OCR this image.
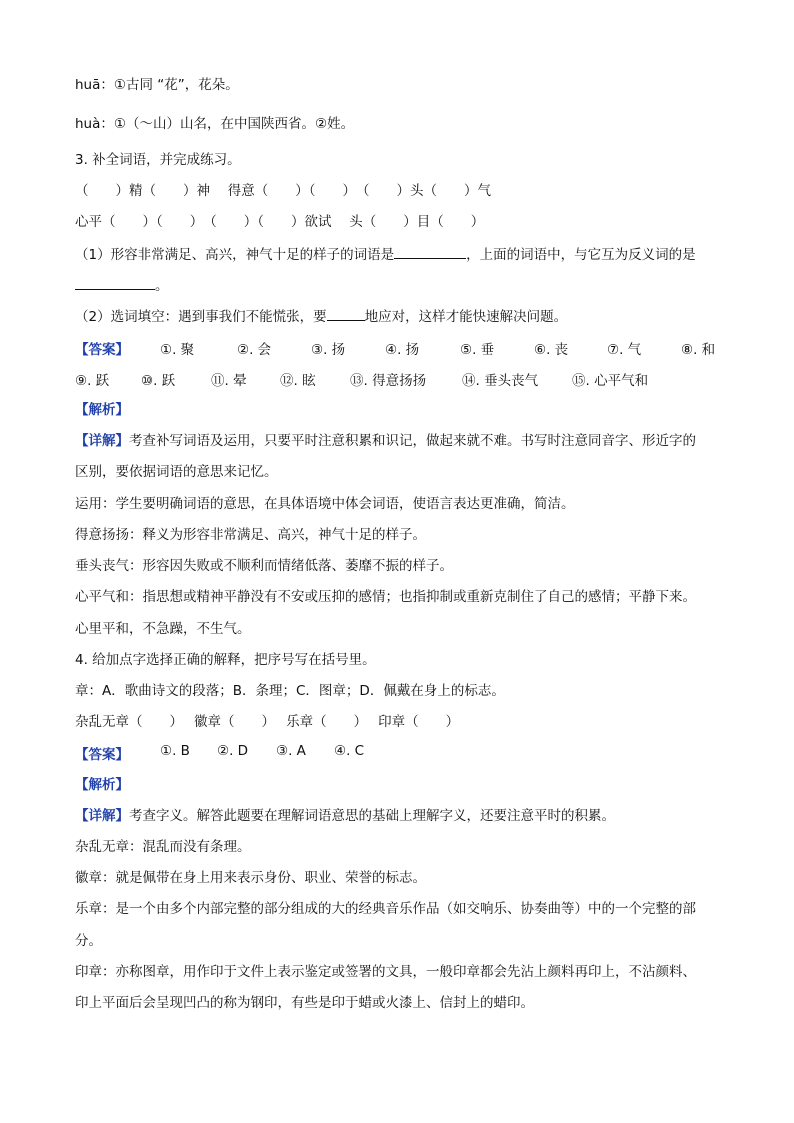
huā：①古同 “花”，花朵。
huà：①（～山）山名，在中国陕西省。②姓。
3. 补全词语，并完成练习。
（　　）精（　　）神　 得意（　　）（　　）　（　　）头（　　）气
心平（　　）（　　）　（　　）（　　）欲试　 头（　　）目（　　）
（1）形容非常满足、高兴，神气十足的样子的词语是	，上面的词语中，与它互为反义词的是
。
（2）选词填空：遇到事我们不能慌张，要	地应对，这样才能快速解决问题。
【答案】 ①. 聚	②. 会	③. 扬	④. 扬	⑤. 垂	⑥. 丧	⑦. 气	⑧. 和
⑨. 跃 ⑩. 跃	⑪. 晕 ⑫. 眩	⑬. 得意扬扬	⑭. 垂头丧气	⑮. 心平气和
【解析】
【详解】考查补写词语及运用，只要平时注意积累和识记，做起来就不难。书写时注意同音字、形近字的
区别，要依据词语的意思来记忆。
运用：学生要明确词语的意思，在具体语境中体会词语，使语言表达更准确，简洁。
得意扬扬：释义为形容非常满足、高兴，神气十足的样子。
垂头丧气：形容因失败或不顺利而情绪低落、萎靡不振的样子。
心平气和：指思想或精神平静没有不安或压抑的感情；也指抑制或重新克制住了自己的感情；平静下来。
心里平和，不急躁，不生气。
4. 给加点字选择正确的解释，把序号写在括号里。
章：A．歌曲诗文的段落；B．条理；C．图章；D．佩戴在身上的标志。
杂乱无章（　　）　 徽章（　　）　 乐章（　　）　 印章（　　）
【答案】 ①. B ②. D ③. A ④. C
【解析】
【详解】考查字义。解答此题要在理解词语意思的基础上理解字义，还要注意平时的积累。
杂乱无章：混乱而没有条理。
徽章：就是佩带在身上用来表示身份、职业、荣誉的标志。
乐章：是一个由多个内部完整的部分组成的大的经典音乐作品（如交响乐、协奏曲等）中的一个完整的部
分。
印章：亦称图章，用作印于文件上表示鉴定或签署的文具，一般印章都会先沾上颜料再印上，不沾颜料、
印上平面后会呈现凹凸的称为钢印，有些是印于蜡或火漆上、信封上的蜡印。
